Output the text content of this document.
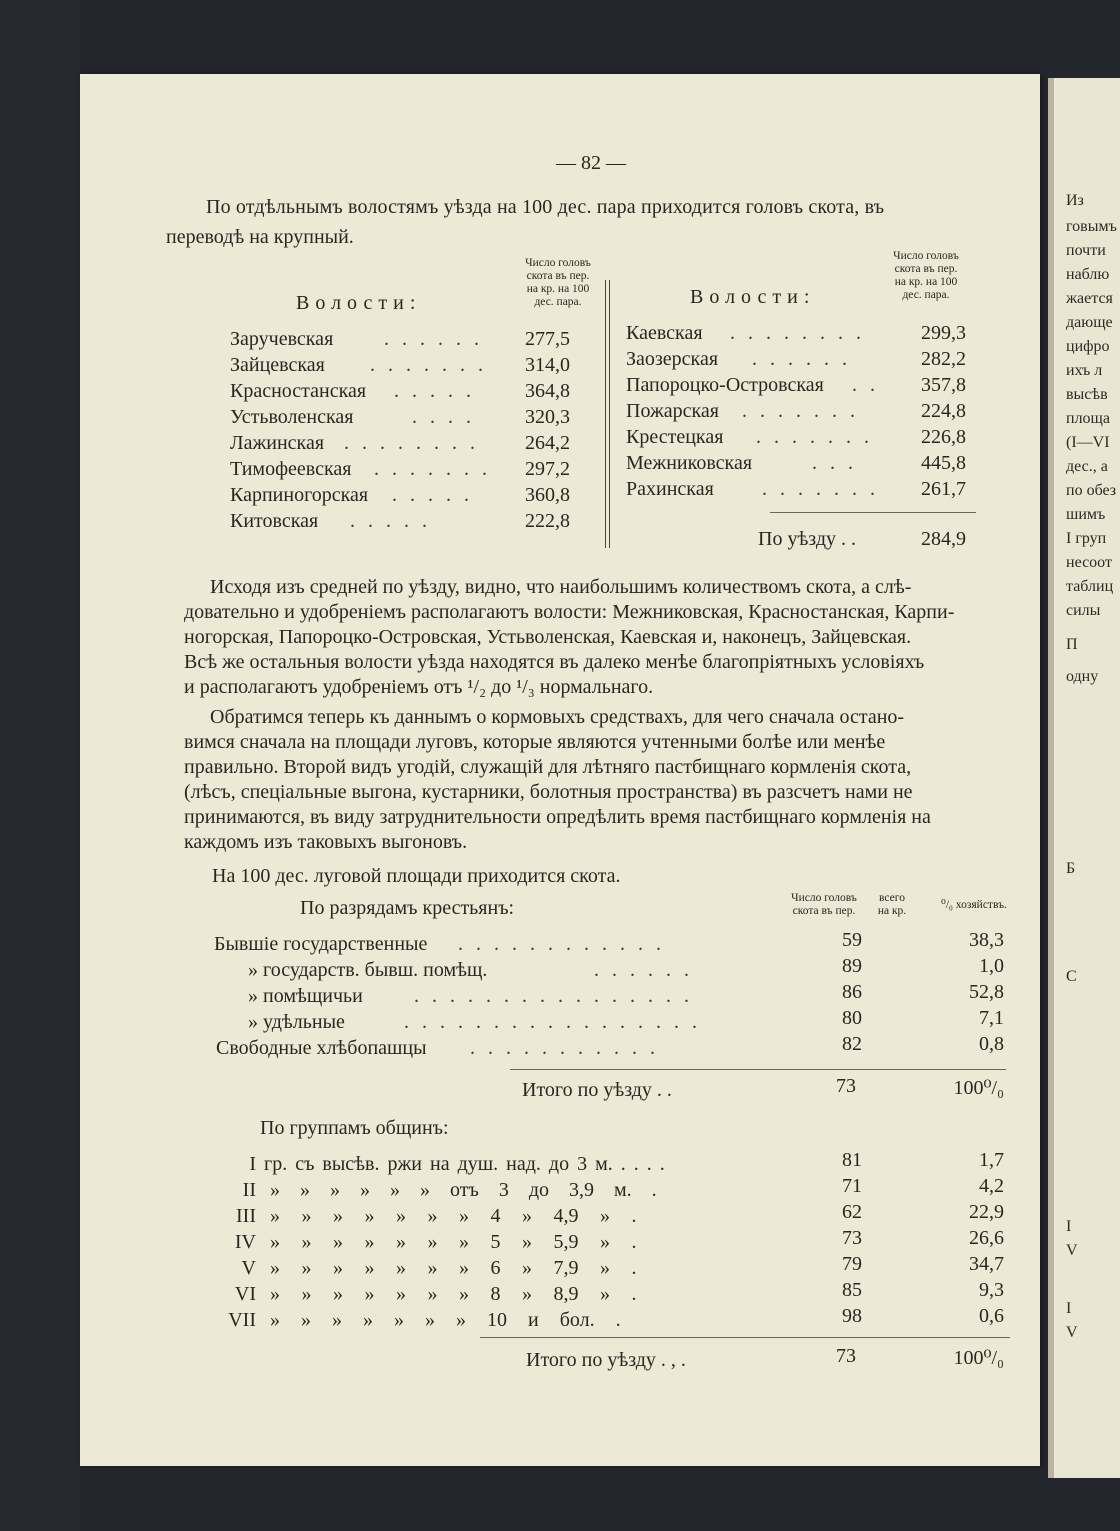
Из
говымъ
почти
наблю
жается
дающе
цифро
ихъ л
высѣв
площа
(I—VI
дес., а
по обез
шимъ
I груп
несоот
таблиц
силы
П
одну
Б
С
I
V
I
V
— 82 —
По отдѣльнымъ волостямъ уѣзда на 100 дес. пара приходится головъ скота, въ
переводѣ на крупный.
Волости:
Число головъ
скота въ пер.
на кр. на 100
дес. пара.	Волости:
Число головъ
скота въ пер.
на кр. на 100
дес. пара.
Заручевская	. . . . . .	277,5
Зайцевская . . . . . . .	314,0
Красностанская . . . . .	364,8
Устьволенская	. . . .	320,3
Лажинская . . . . . . . .	264,2
Тимофеевская . . . . . . .	297,2
Карпиногорская . . . . .	360,8
Китовская . . . . .	222,8
Каевская . . . . . . . .	299,3
Заозерская . . . . . .	282,2
Папороцко-Островская . .	357,8
Пожарская . . . . . . .	224,8
Крестецкая . . . . . . .	226,8
Межниковская	. . .	445,8
Рахинская . . . . . . .	261,7
По уѣзду . .	284,9
Исходя изъ средней по уѣзду, видно, что наибольшимъ количествомъ скота, а слѣ-
довательно и удобреніемъ располагаютъ волости: Межниковская, Красностанская, Карпи-
ногорская, Папороцко-Островская, Устьволенская, Каевская и, наконецъ, Зайцевская.
Всѣ же остальныя волости уѣзда находятся въ далеко менѣе благопріятныхъ условіяхъ
и располагаютъ удобреніемъ отъ ¹/₂ до ¹/₃ нормальнаго.
Обратимся теперь къ даннымъ о кормовыхъ средствахъ, для чего сначала остано-
вимся сначала на площади луговъ, которые являются учтенными болѣе или менѣе
правильно. Второй видъ угодій, служащій для лѣтняго пастбищнаго кормленія скота,
(лѣсъ, спеціальные выгона, кустарники, болотныя пространства) въ разсчетъ нами не
принимаются, въ виду затруднительности опредѣлить время пастбищнаго кормленія на
каждомъ изъ таковыхъ выгоновъ.
На 100 дес. луговой площади приходится скота.
По разрядамъ крестьянъ:	Число головъ
скота въ пер.
всего
на кр.	⁰/₀ хозяйствъ.
Бывшіе государственные . . . . . . . . . . . .	59	38,3
» государств. бывш. помѣщ.	. . . . . .	89	1,0
» помѣщичьи	. . . . . . . . . . . . . . . .	86	52,8
» удѣльные	. . . . . . . . . . . . . . . . .	80	7,1
Свободные хлѣбопашцы . . . . . . . . . . .	82	0,8
Итого по уѣзду . .	73	100⁰/₀
По группамъ общинъ:
I гр. съ высѣв. ржи на душ. над. до 3 м. . . . .	81	1,7
II » » » » » » отъ 3 до 3,9 м. .	71	4,2
III » » » » » » » 4 » 4,9 » .	62	22,9
IV » » » » » » » 5 » 5,9 » .	73	26,6
V » » » » » » » 6 » 7,9 » .	79	34,7
VI » » » » » » » 8 » 8,9 » .	85	9,3
VII » » » » » » » 10 и бол. .	98	0,6
Итого по уѣзду . , .	73	100⁰/₀
